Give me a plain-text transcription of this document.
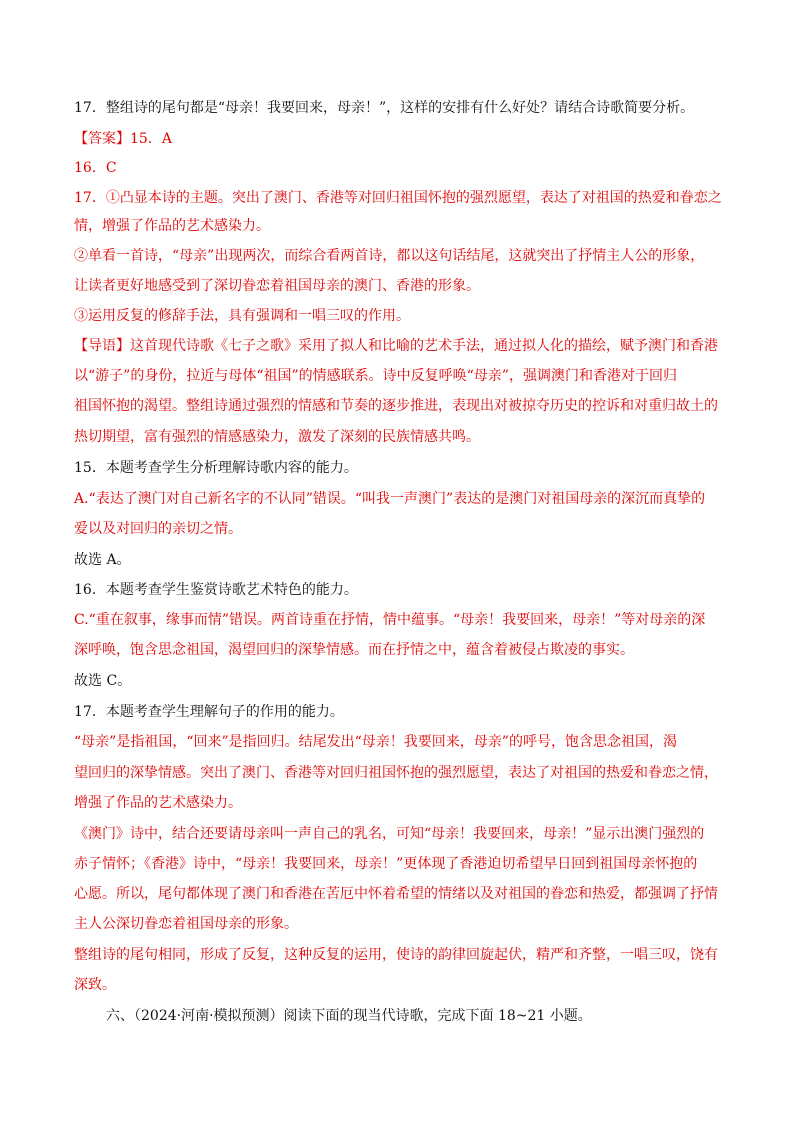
17．整组诗的尾句都是“母亲！我要回来，母亲！”，这样的安排有什么好处？请结合诗歌简要分析。
【答案】15．A
16．C
17．①凸显本诗的主题。突出了澳门、香港等对回归祖国怀抱的强烈愿望，表达了对祖国的热爱和眷恋之
情，增强了作品的艺术感染力。
②单看一首诗，“母亲”出现两次，而综合看两首诗，都以这句话结尾，这就突出了抒情主人公的形象，
让读者更好地感受到了深切眷恋着祖国母亲的澳门、香港的形象。
③运用反复的修辞手法，具有强调和一唱三叹的作用。
【导语】这首现代诗歌《七子之歌》采用了拟人和比喻的艺术手法，通过拟人化的描绘，赋予澳门和香港
以“游子”的身份，拉近与母体“祖国”的情感联系。诗中反复呼唤“母亲”，强调澳门和香港对于回归
祖国怀抱的渴望。整组诗通过强烈的情感和节奏的逐步推进，表现出对被掠夺历史的控诉和对重归故土的
热切期望，富有强烈的情感感染力，激发了深刻的民族情感共鸣。
15．本题考查学生分析理解诗歌内容的能力。
A.“表达了澳门对自己新名字的不认同”错误。“叫我一声澳门”表达的是澳门对祖国母亲的深沉而真挚的
爱以及对回归的亲切之情。
故选 A。
16．本题考查学生鉴赏诗歌艺术特色的能力。
C.“重在叙事，缘事而情”错误。两首诗重在抒情，情中蕴事。“母亲！我要回来，母亲！”等对母亲的深
深呼唤，饱含思念祖国，渴望回归的深挚情感。而在抒情之中，蕴含着被侵占欺凌的事实。
故选 C。
17．本题考查学生理解句子的作用的能力。
“母亲”是指祖国，“回来”是指回归。结尾发出“母亲！我要回来，母亲”的呼号，饱含思念祖国，渴
望回归的深挚情感。突出了澳门、香港等对回归祖国怀抱的强烈愿望，表达了对祖国的热爱和眷恋之情，
增强了作品的艺术感染力。
《澳门》诗中，结合还要请母亲叫一声自己的乳名，可知“母亲！我要回来，母亲！”显示出澳门强烈的
赤子情怀；《香港》诗中，“母亲！我要回来，母亲！”更体现了香港迫切希望早日回到祖国母亲怀抱的
心愿。所以，尾句都体现了澳门和香港在苦厄中怀着希望的情绪以及对祖国的眷恋和热爱，都强调了抒情
主人公深切眷恋着祖国母亲的形象。
整组诗的尾句相同，形成了反复，这种反复的运用，使诗的韵律回旋起伏，精严和齐整，一唱三叹，饶有
深致。
六、（2024·河南·模拟预测）阅读下面的现当代诗歌，完成下面 18~21 小题。
